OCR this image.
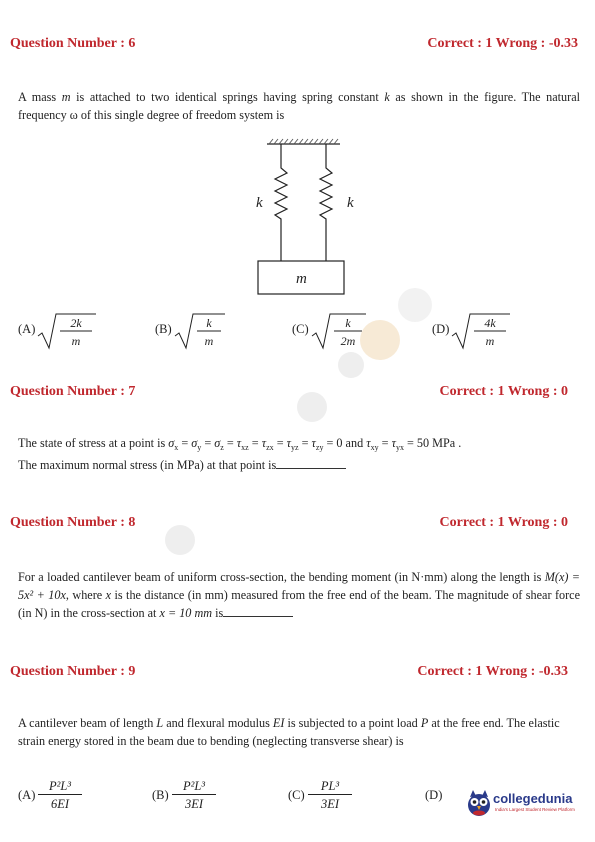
Question Number : 6	Correct : 1 Wrong : -0.33
A mass m is attached to two identical springs having spring constant k as shown in the figure. The natural frequency ω of this single degree of freedom system is
k	k
m
(A)	2k
m
(B)	k
m
(C)	k
2m
(D)	4k
m
Question Number : 7	Correct : 1 Wrong : 0
The state of stress at a point is $\sigma_x = \sigma_y = \sigma_z = \tau_{xz} = \tau_{zx} = \tau_{yz} = \tau_{zy} = 0$ and $\tau_{xy} = \tau_{yx} = 50$ MPa .
The maximum normal stress (in MPa) at that point is
Question Number : 8	Correct : 1 Wrong : 0
For a loaded cantilever beam of uniform cross-section, the bending moment (in N·mm) along the length is M(x) = 5x² + 10x, where x is the distance (in mm) measured from the free end of the beam. The magnitude of shear force (in N) in the cross-section at x = 10 mm is
Question Number : 9	Correct : 1 Wrong : -0.33
A cantilever beam of length L and flexural modulus EI is subjected to a point load P at the free end. The elastic strain energy stored in the beam due to bending (neglecting transverse shear) is
$(A) \frac{\text{P²L³}}{6EI}$	$(B) \frac{\text{P²L³}}{3EI}$	$(C) \frac{\text{PL³}}{3EI}$	(D)	collegedunia
India's Largest Student Review Platform
